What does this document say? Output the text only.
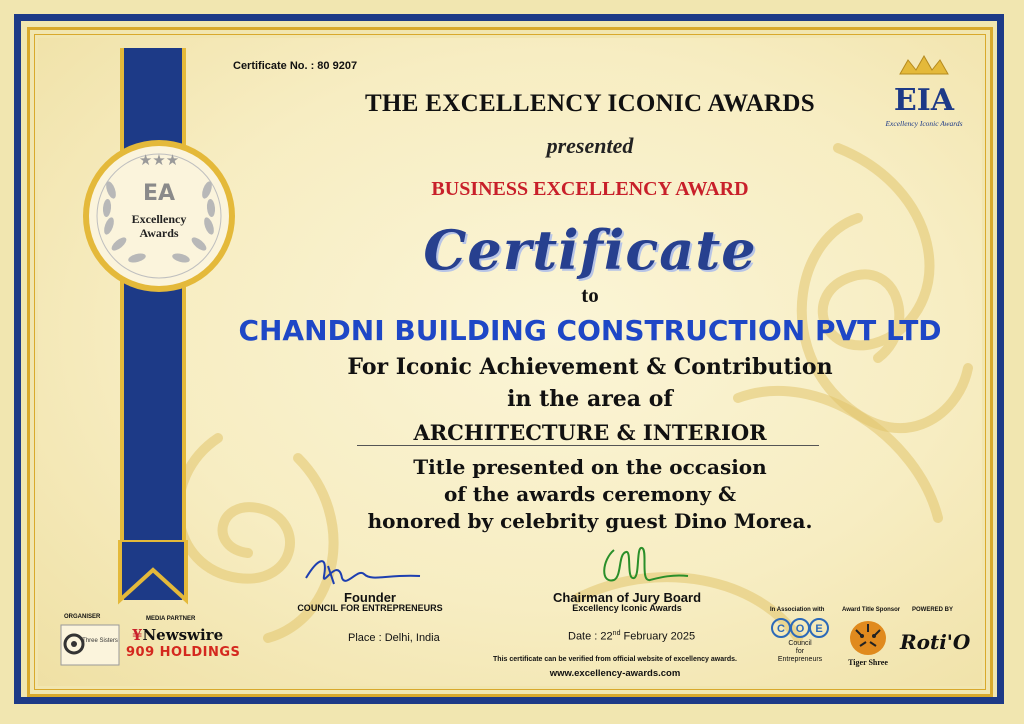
★★★
EA
Excellency
Awards
Certificate No. : 80 9207
EIA
Excellency Iconic Awards
THE EXCELLENCY ICONIC AWARDS
presented
BUSINESS EXCELLENCY AWARD
Certificate
to
CHANDNI BUILDING CONSTRUCTION PVT LTD
For Iconic Achievement & Contribution
in the area of
ARCHITECTURE & INTERIOR
Title presented on the occasion
of the awards ceremony &
honored by celebrity guest Dino Morea.
Founder
COUNCIL FOR ENTREPRENEURS
Chairman of Jury Board
Excellency Iconic Awards
Place : Delhi, India	Date : 22nd February 2025
This certificate can be verified from official website of excellency awards.
www.excellency-awards.com
ORGANISER
Three Sisters
MEDIA PARTNER
¥Newswire
909 HOLDINGS
In Association with
C O E
Council
for
Entrepreneurs
Award Title Sponsor
Tiger Shree
POWERED BY
Roti'O
